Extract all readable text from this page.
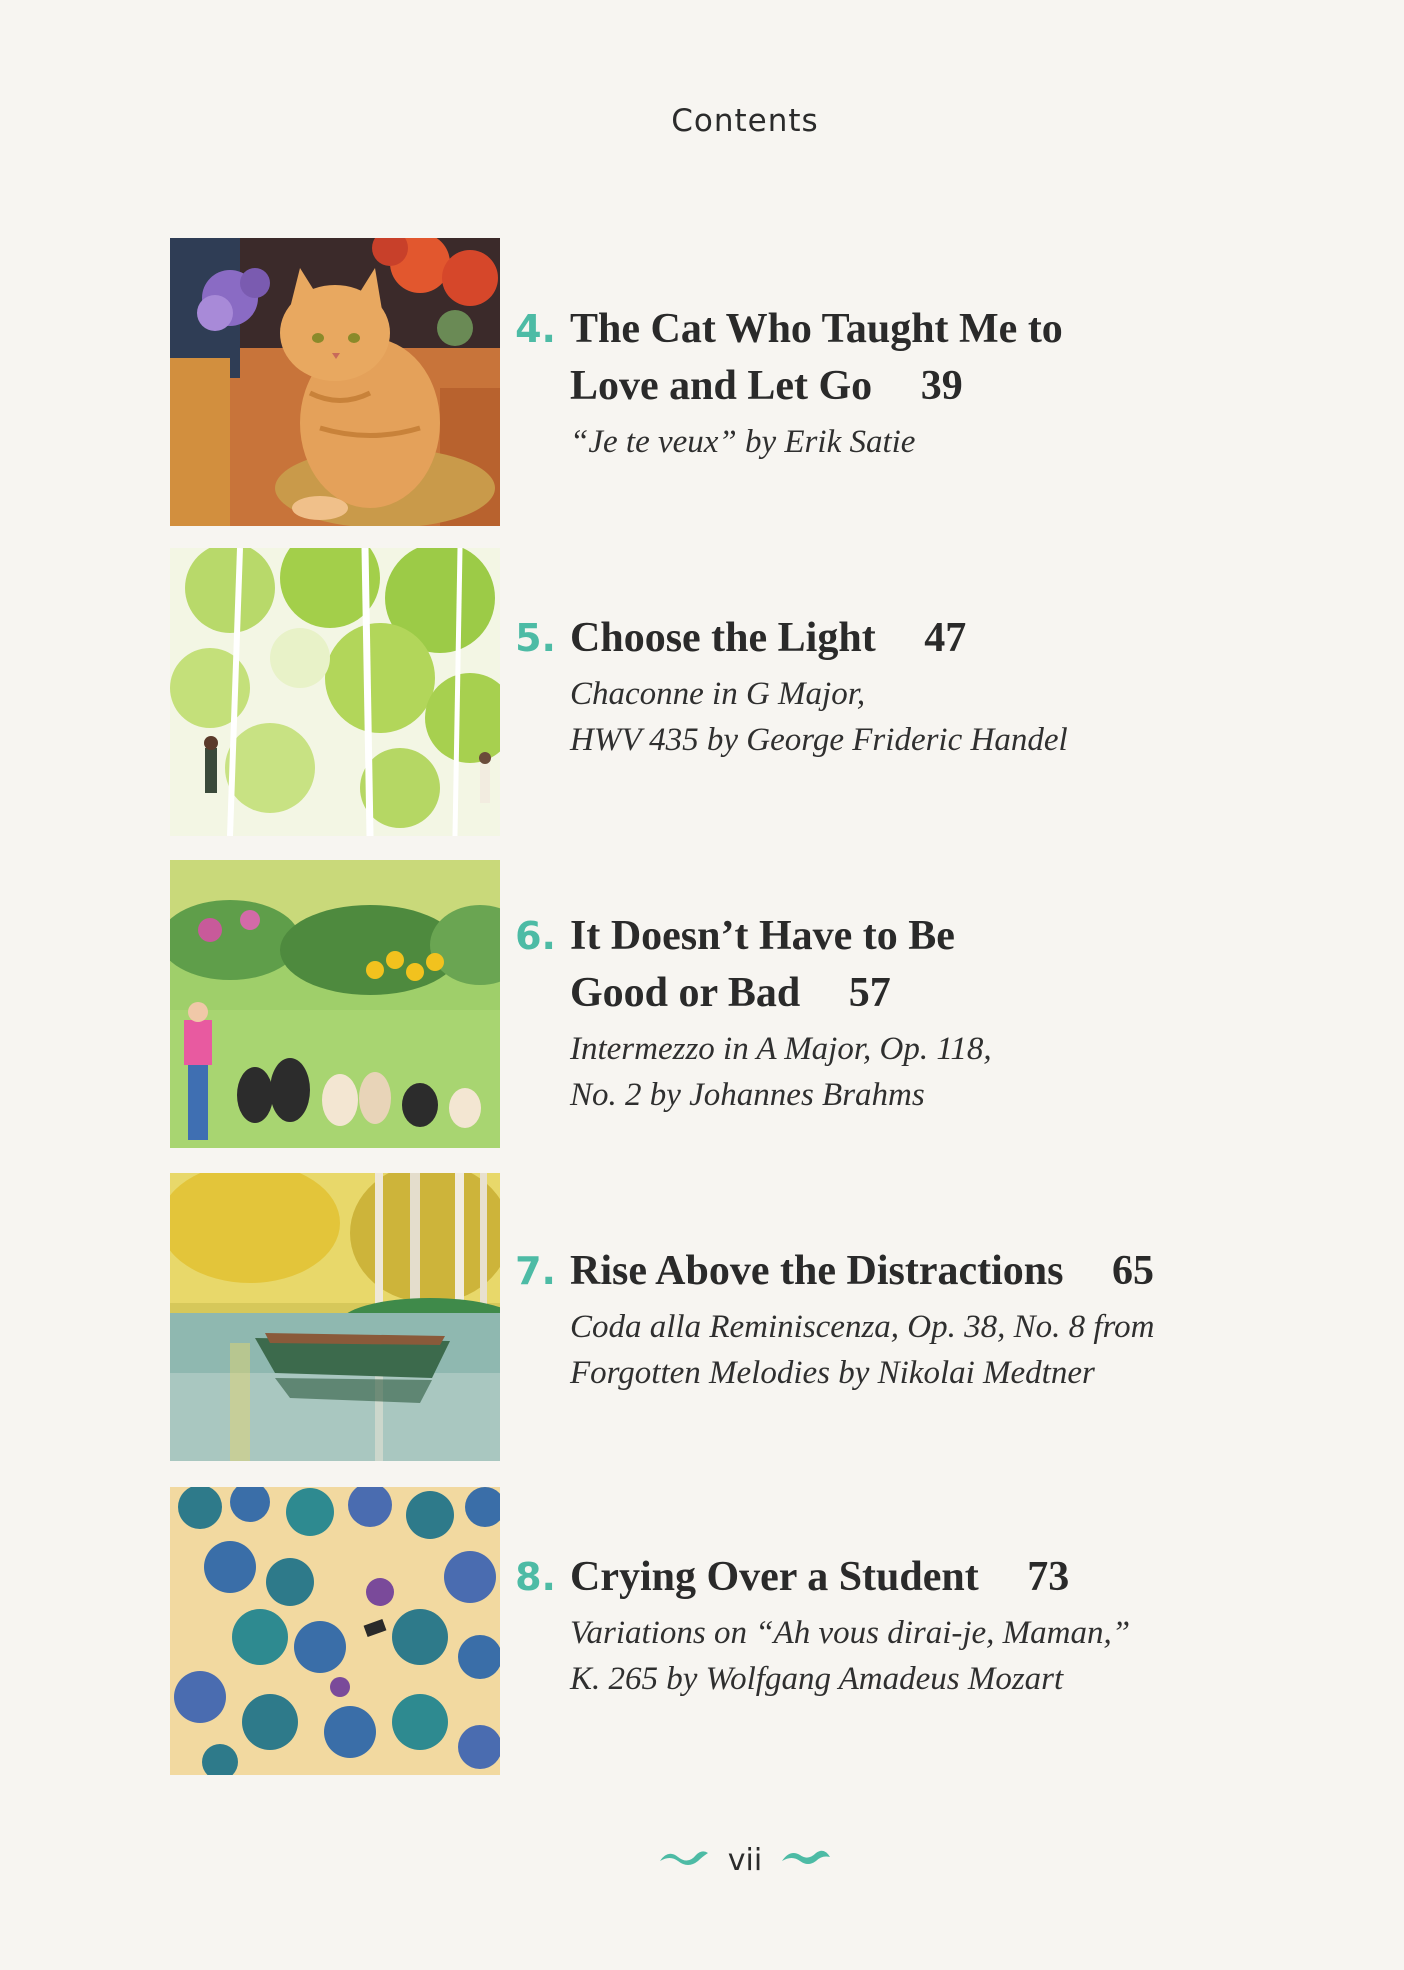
Contents
4. The Cat Who Taught Me to
Love and Let Go 39
“Je te veux” by Erik Satie
5. Choose the Light 47
Chaconne in G Major,
HWV 435 by George Frideric Handel
6. It Doesn’t Have to Be
Good or Bad 57
Intermezzo in A Major, Op. 118,
No. 2 by Johannes Brahms
7. Rise Above the Distractions 65
Coda alla Reminiscenza, Op. 38, No. 8 from
Forgotten Melodies by Nikolai Medtner
8. Crying Over a Student 73
Variations on “Ah vous dirai-je, Maman,”
K. 265 by Wolfgang Amadeus Mozart
vii
